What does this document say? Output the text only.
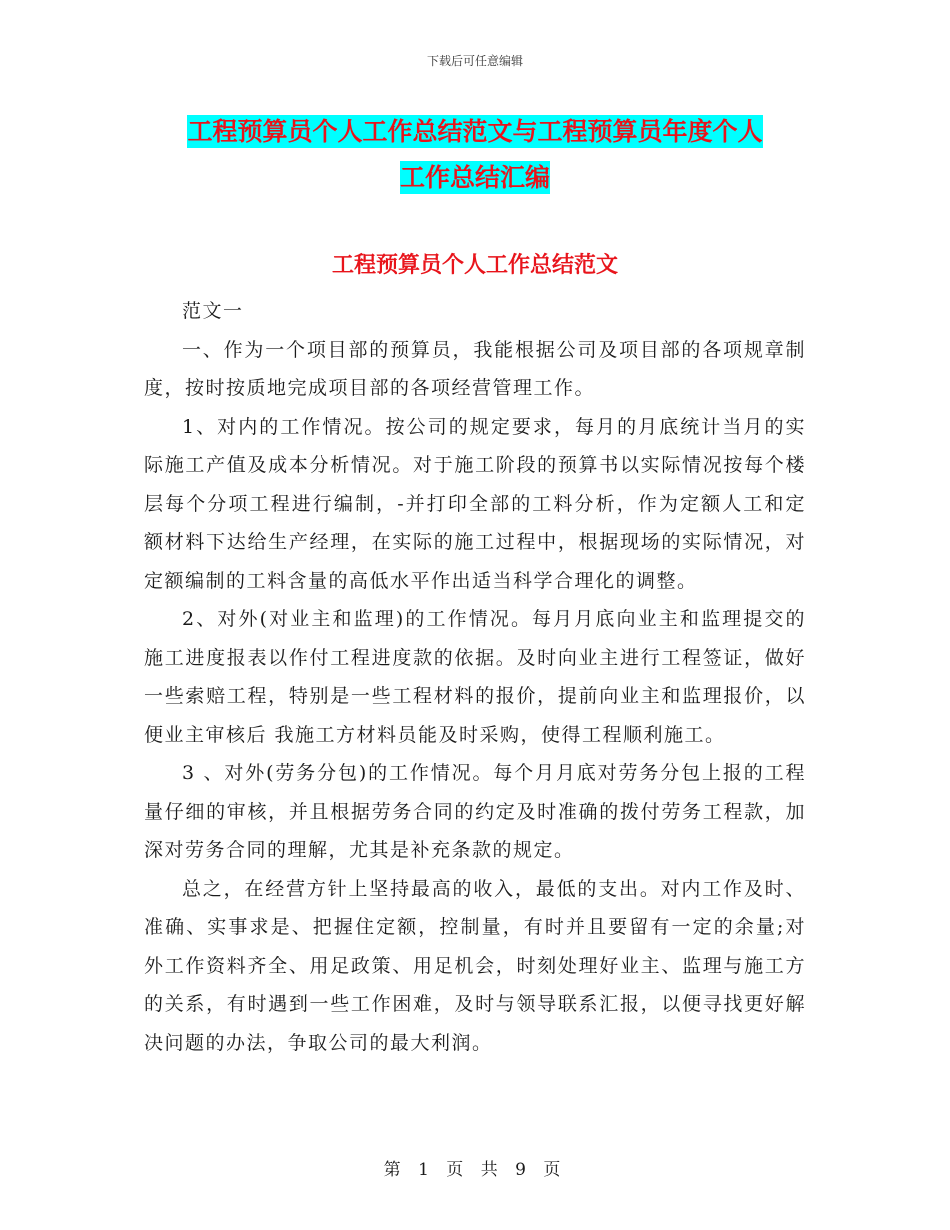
下载后可任意编辑
工程预算员个人工作总结范文与工程预算员年度个人
工作总结汇编
工程预算员个人工作总结范文

范文一

一、作为一个项目部的预算员，我能根据公司及项目部的各项规章制度，按时按质地完成项目部的各项经营管理工作。

1、对内的工作情况。按公司的规定要求，每月的月底统计当月的实际施工产值及成本分析情况。对于施工阶段的预算书以实际情况按每个楼层每个分项工程进行编制，-并打印全部的工料分析，作为定额人工和定额材料下达给生产经理，在实际的施工过程中，根据现场的实际情况，对定额编制的工料含量的高低水平作出适当科学合理化的调整。

2、对外(对业主和监理)的工作情况。每月月底向业主和监理提交的施工进度报表以作付工程进度款的依据。及时向业主进行工程签证，做好一些索赔工程，特别是一些工程材料的报价，提前向业主和监理报价，以便业主审核后 我施工方材料员能及时采购，使得工程顺利施工。

3 、对外(劳务分包)的工作情况。每个月月底对劳务分包上报的工程量仔细的审核，并且根据劳务合同的约定及时准确的拨付劳务工程款，加深对劳务合同的理解，尤其是补充条款的规定。

总之，在经营方针上坚持最高的收入，最低的支出。对内工作及时、准确、实事求是、把握住定额，控制量，有时并且要留有一定的余量;对外工作资料齐全、用足政策、用足机会，时刻处理好业主、监理与施工方的关系，有时遇到一些工作困难，及时与领导联系汇报，以便寻找更好解决问题的办法，争取公司的最大利润。

第 1 页 共 9 页
